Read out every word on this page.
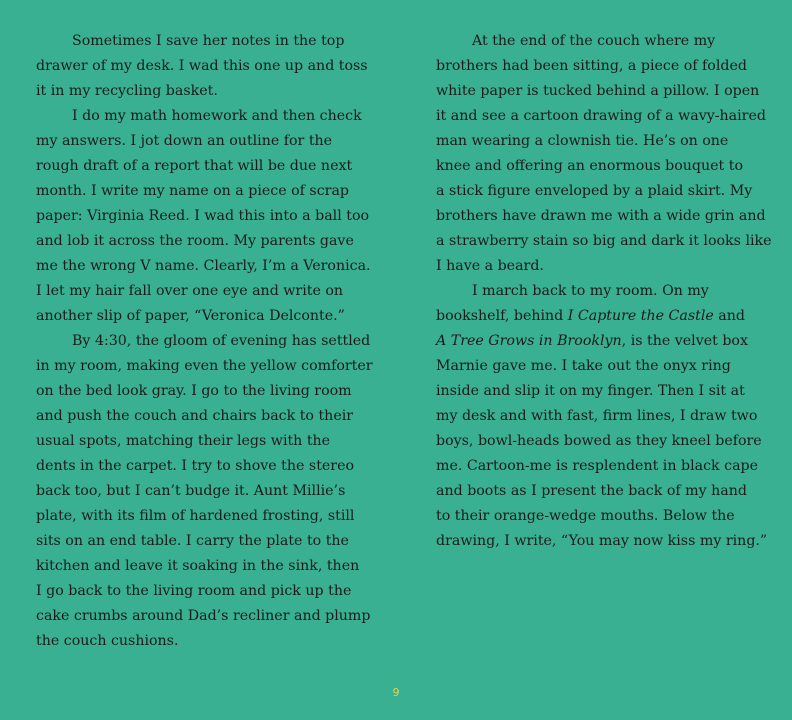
Sometimes I save her notes in the top
drawer of my desk. I wad this one up and toss
it in my recycling basket.
I do my math homework and then check
my answers. I jot down an outline for the
rough draft of a report that will be due next
month. I write my name on a piece of scrap
paper: Virginia Reed. I wad this into a ball too
and lob it across the room. My parents gave
me the wrong V name. Clearly, I’m a Veronica.
I let my hair fall over one eye and write on
another slip of paper, “Veronica Delconte.”
By 4:30, the gloom of evening has settled
in my room, making even the yellow comforter
on the bed look gray. I go to the living room
and push the couch and chairs back to their
usual spots, matching their legs with the
dents in the carpet. I try to shove the stereo
back too, but I can’t budge it. Aunt Millie’s
plate, with its film of hardened frosting, still
sits on an end table. I carry the plate to the
kitchen and leave it soaking in the sink, then
I go back to the living room and pick up the
cake crumbs around Dad’s recliner and plump
the couch cushions.
At the end of the couch where my
brothers had been sitting, a piece of folded
white paper is tucked behind a pillow. I open
it and see a cartoon drawing of a wavy-haired
man wearing a clownish tie. He’s on one
knee and offering an enormous bouquet to
a stick figure enveloped by a plaid skirt. My
brothers have drawn me with a wide grin and
a strawberry stain so big and dark it looks like
I have a beard.
I march back to my room. On my
bookshelf, behind I Capture the Castle and
A Tree Grows in Brooklyn, is the velvet box
Marnie gave me. I take out the onyx ring
inside and slip it on my finger. Then I sit at
my desk and with fast, firm lines, I draw two
boys, bowl-heads bowed as they kneel before
me. Cartoon-me is resplendent in black cape
and boots as I present the back of my hand
to their orange-wedge mouths. Below the
drawing, I write, “You may now kiss my ring.”
9
